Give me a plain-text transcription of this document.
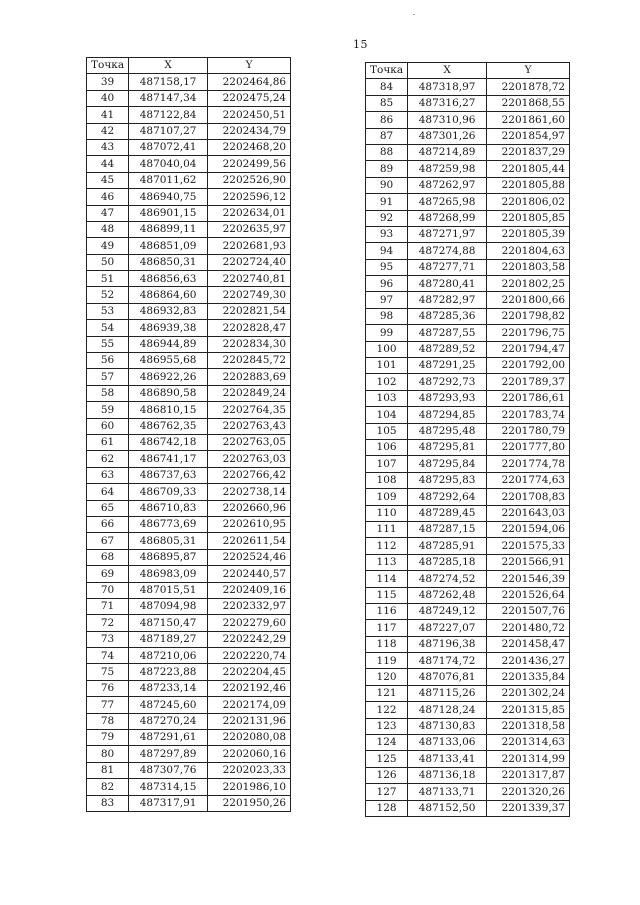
15
Точка	X	Y
39	487158,17	2202464,86
40	487147,34	2202475,24
41	487122,84	2202450,51
42	487107,27	2202434,79
43	487072,41	2202468,20
44	487040,04	2202499,56
45	487011,62	2202526,90
46	486940,75	2202596,12
47	486901,15	2202634,01
48	486899,11	2202635,97
49	486851,09	2202681,93
50	486850,31	2202724,40
51	486856,63	2202740,81
52	486864,60	2202749,30
53	486932,83	2202821,54
54	486939,38	2202828,47
55	486944,89	2202834,30
56	486955,68	2202845,72
57	486922,26	2202883,69
58	486890,58	2202849,24
59	486810,15	2202764,35
60	486762,35	2202763,43
61	486742,18	2202763,05
62	486741,17	2202763,03
63	486737,63	2202766,42
64	486709,33	2202738,14
65	486710,83	2202660,96
66	486773,69	2202610,95
67	486805,31	2202611,54
68	486895,87	2202524,46
69	486983,09	2202440,57
70	487015,51	2202409,16
71	487094,98	2202332,97
72	487150,47	2202279,60
73	487189,27	2202242,29
74	487210,06	2202220,74
75	487223,88	2202204,45
76	487233,14	2202192,46
77	487245,60	2202174,09
78	487270,24	2202131,96
79	487291,61	2202080,08
80	487297,89	2202060,16
81	487307,76	2202023,33
82	487314,15	2201986,10
83	487317,91	2201950,26
Точка	X	Y
84	487318,97	2201878,72
85	487316,27	2201868,55
86	487310,96	2201861,60
87	487301,26	2201854,97
88	487214,89	2201837,29
89	487259,98	2201805,44
90	487262,97	2201805,88
91	487265,98	2201806,02
92	487268,99	2201805,85
93	487271,97	2201805,39
94	487274,88	2201804,63
95	487277,71	2201803,58
96	487280,41	2201802,25
97	487282,97	2201800,66
98	487285,36	2201798,82
99	487287,55	2201796,75
100	487289,52	2201794,47
101	487291,25	2201792,00
102	487292,73	2201789,37
103	487293,93	2201786,61
104	487294,85	2201783,74
105	487295,48	2201780,79
106	487295,81	2201777,80
107	487295,84	2201774,78
108	487295,83	2201774,63
109	487292,64	2201708,83
110	487289,45	2201643,03
111	487287,15	2201594,06
112	487285,91	2201575,33
113	487285,18	2201566,91
114	487274,52	2201546,39
115	487262,48	2201526,64
116	487249,12	2201507,76
117	487227,07	2201480,72
118	487196,38	2201458,47
119	487174,72	2201436,27
120	487076,81	2201335,84
121	487115,26	2201302,24
122	487128,24	2201315,85
123	487130,83	2201318,58
124	487133,06	2201314,63
125	487133,41	2201314,99
126	487136,18	2201317,87
127	487133,71	2201320,26
128	487152,50	2201339,37
